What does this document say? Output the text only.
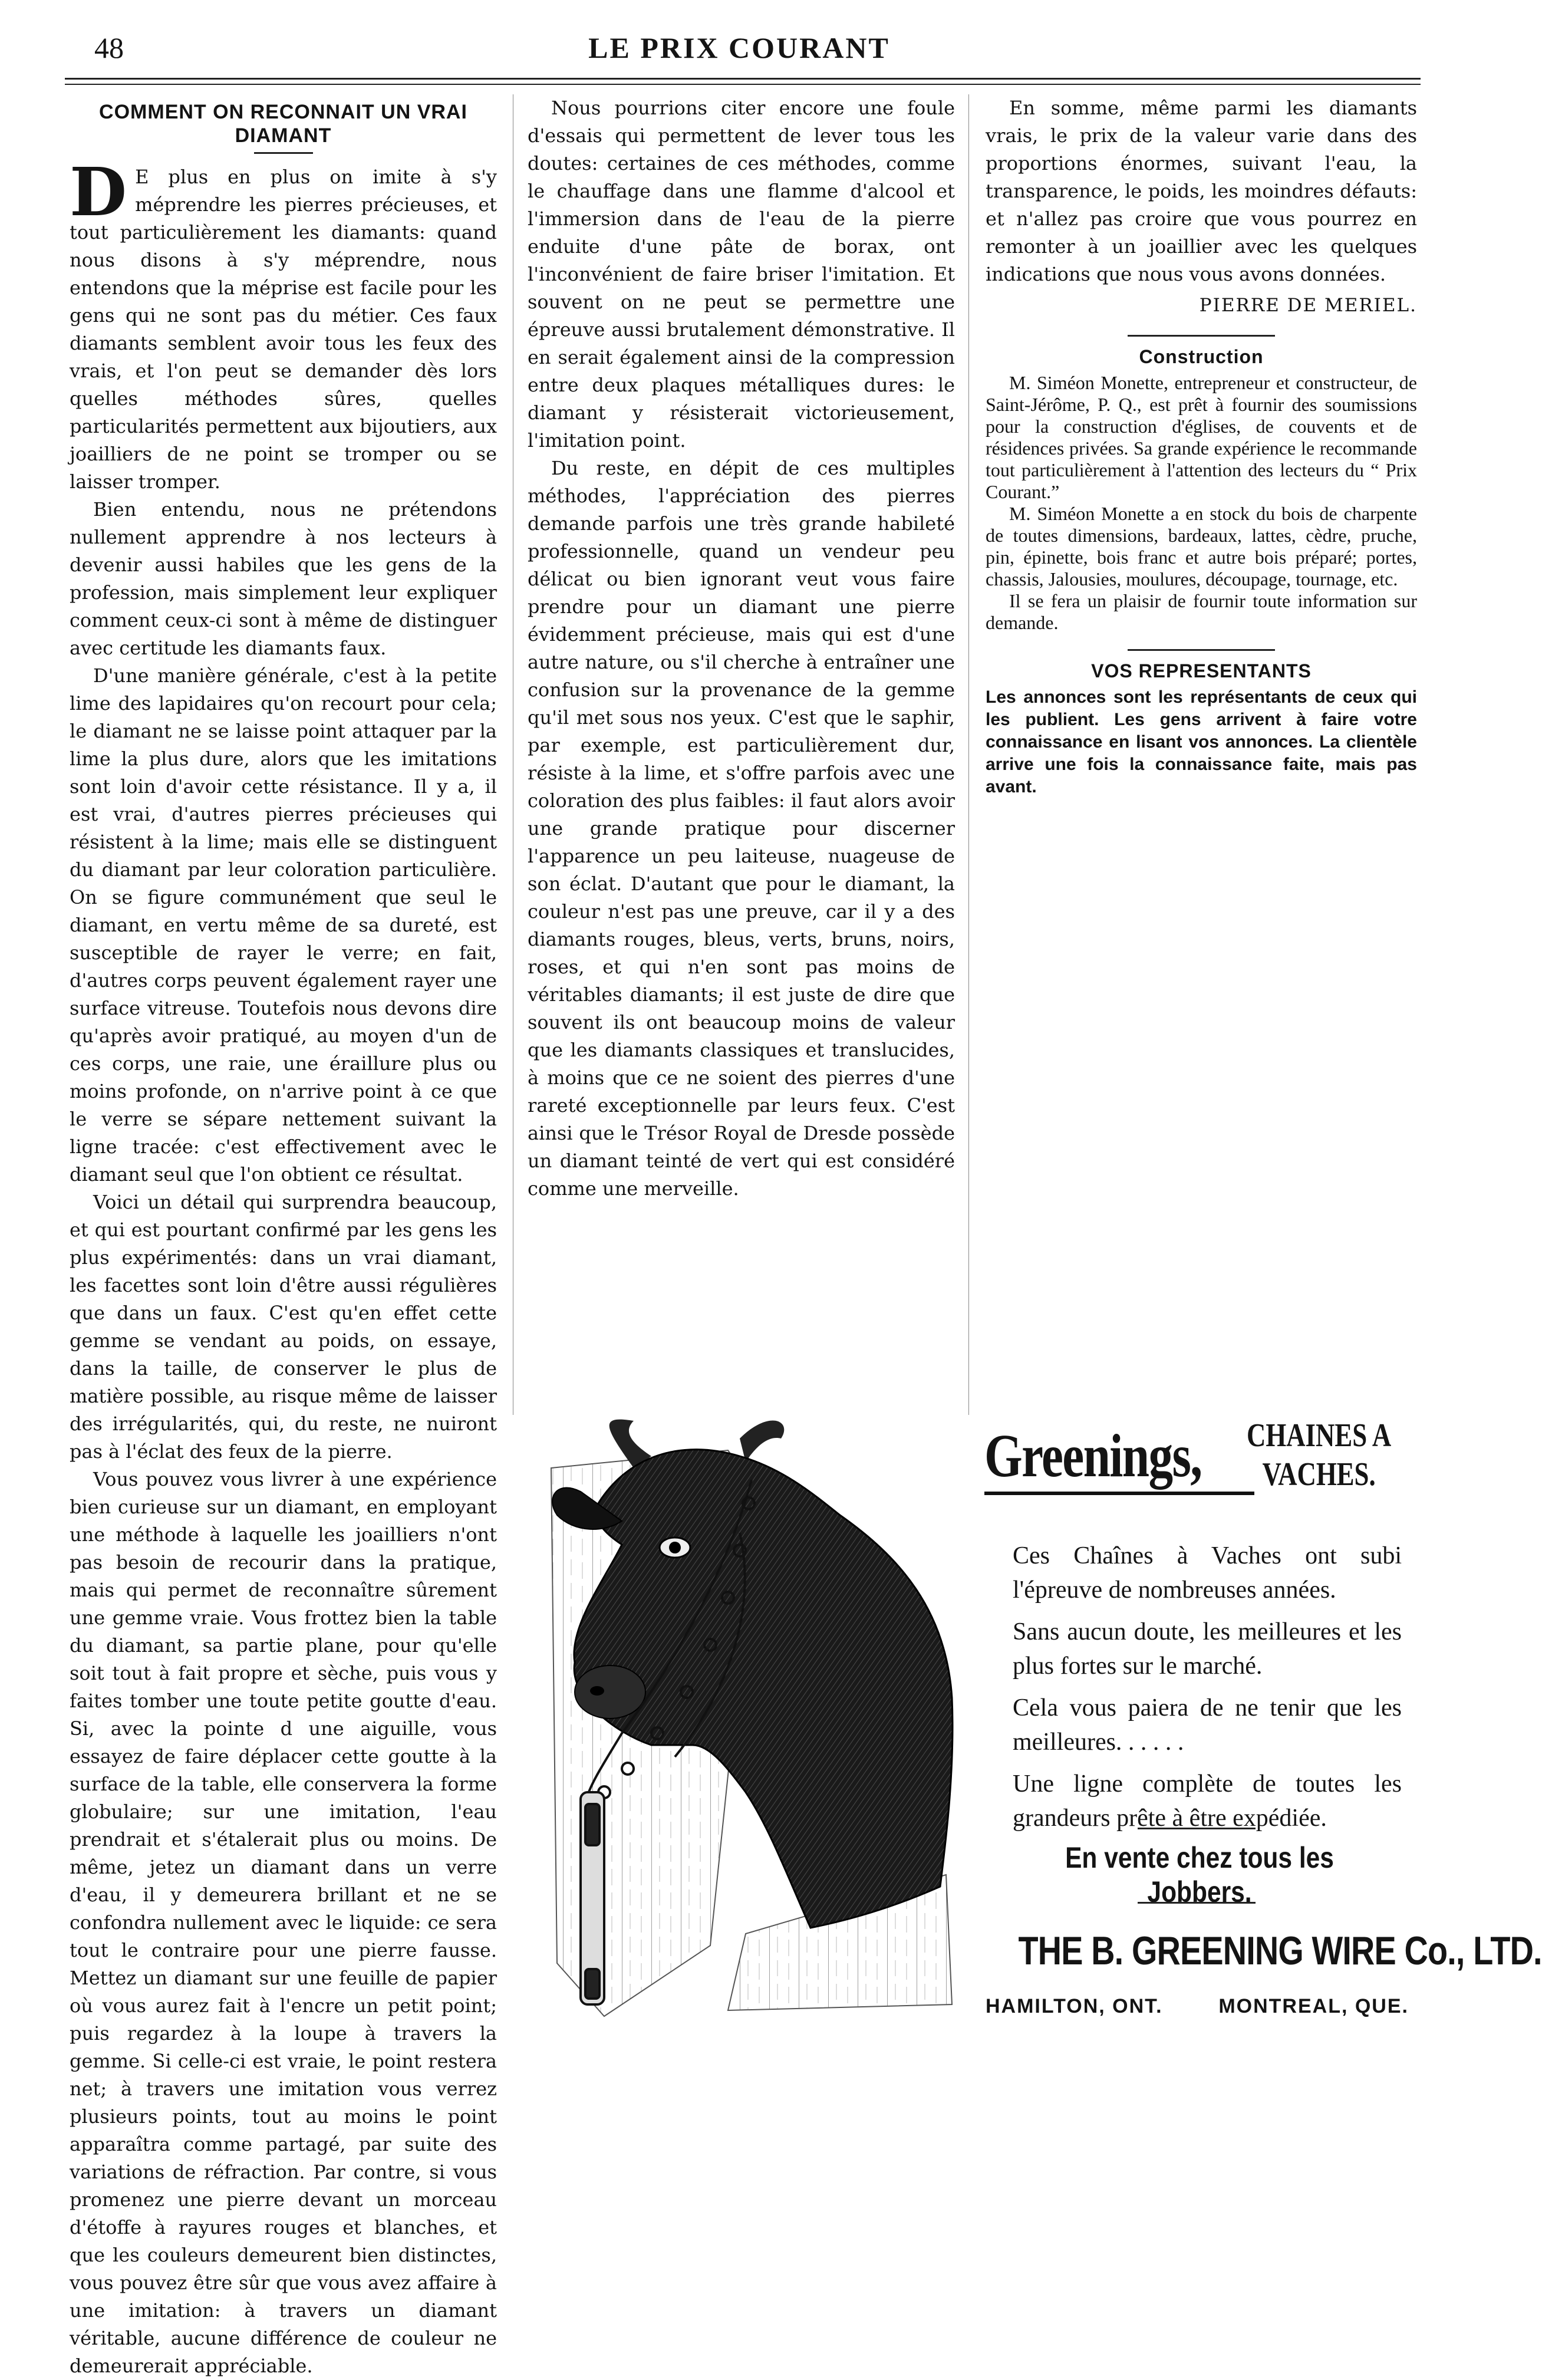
48	LE PRIX COURANT
COMMENT ON RECONNAIT UN VRAI DIAMANT

D E plus en plus on imite à s'y méprendre les pierres précieuses, et tout particulièrement les diamants: quand nous disons à s'y méprendre, nous entendons que la méprise est facile pour les gens qui ne sont pas du métier. Ces faux diamants semblent avoir tous les feux des vrais, et l'on peut se demander dès lors quelles méthodes sûres, quelles particularités permettent aux bijoutiers, aux joailliers de ne point se tromper ou se laisser tromper.

Bien entendu, nous ne prétendons nullement apprendre à nos lecteurs à devenir aussi habiles que les gens de la profession, mais simplement leur expliquer comment ceux-ci sont à même de distinguer avec certitude les diamants faux.

D'une manière générale, c'est à la petite lime des lapidaires qu'on recourt pour cela; le diamant ne se laisse point attaquer par la lime la plus dure, alors que les imitations sont loin d'avoir cette résistance. Il y a, il est vrai, d'autres pierres précieuses qui résistent à la lime; mais elle se distinguent du diamant par leur coloration particulière. On se figure communément que seul le diamant, en vertu même de sa dureté, est susceptible de rayer le verre; en fait, d'autres corps peuvent également rayer une surface vitreuse. Toutefois nous devons dire qu'après avoir pratiqué, au moyen d'un de ces corps, une raie, une éraillure plus ou moins profonde, on n'arrive point à ce que le verre se sépare nettement suivant la ligne tracée: c'est effectivement avec le diamant seul que l'on obtient ce résultat.

Voici un détail qui surprendra beaucoup, et qui est pourtant confirmé par les gens les plus expérimentés: dans un vrai diamant, les facettes sont loin d'être aussi régulières que dans un faux. C'est qu'en effet cette gemme se vendant au poids, on essaye, dans la taille, de conserver le plus de matière possible, au risque même de laisser des irrégularités, qui, du reste, ne nuiront pas à l'éclat des feux de la pierre.

Vous pouvez vous livrer à une expérience bien curieuse sur un diamant, en employant une méthode à laquelle les joailliers n'ont pas besoin de recourir dans la pratique, mais qui permet de reconnaître sûrement une gemme vraie. Vous frottez bien la table du diamant, sa partie plane, pour qu'elle soit tout à fait propre et sèche, puis vous y faites tomber une toute petite goutte d'eau. Si, avec la pointe d une aiguille, vous essayez de faire déplacer cette goutte à la surface de la table, elle conservera la forme globulaire; sur une imitation, l'eau prendrait et s'étalerait plus ou moins. De même, jetez un diamant dans un verre d'eau, il y demeurera brillant et ne se confondra nullement avec le liquide: ce sera tout le contraire pour une pierre fausse. Mettez un diamant sur une feuille de papier où vous aurez fait à l'encre un petit point; puis regardez à la loupe à travers la gemme. Si celle-ci est vraie, le point restera net; à travers une imitation vous verrez plusieurs points, tout au moins le point apparaîtra comme partagé, par suite des variations de réfraction. Par contre, si vous promenez une pierre devant un morceau d'étoffe à rayures rouges et blanches, et que les couleurs demeurent bien distinctes, vous pouvez être sûr que vous avez affaire à une imitation: à travers un diamant véritable, aucune différence de couleur ne demeurerait appréciable.

Nous pourrions citer encore une foule d'essais qui permettent de lever tous les doutes: certaines de ces méthodes, comme le chauffage dans une flamme d'alcool et l'immersion dans de l'eau de la pierre enduite d'une pâte de borax, ont l'inconvénient de faire briser l'imitation. Et souvent on ne peut se permettre une épreuve aussi brutalement démonstrative. Il en serait également ainsi de la compression entre deux plaques métalliques dures: le diamant y résisterait victorieusement, l'imitation point.

Du reste, en dépit de ces multiples méthodes, l'appréciation des pierres demande parfois une très grande habileté professionnelle, quand un vendeur peu délicat ou bien ignorant veut vous faire prendre pour un diamant une pierre évidemment précieuse, mais qui est d'une autre nature, ou s'il cherche à entraîner une confusion sur la provenance de la gemme qu'il met sous nos yeux. C'est que le saphir, par exemple, est particulièrement dur, résiste à la lime, et s'offre parfois avec une coloration des plus faibles: il faut alors avoir une grande pratique pour discerner l'apparence un peu laiteuse, nuageuse de son éclat. D'autant que pour le diamant, la couleur n'est pas une preuve, car il y a des diamants rouges, bleus, verts, bruns, noirs, roses, et qui n'en sont pas moins de véritables diamants; il est juste de dire que souvent ils ont beaucoup moins de valeur que les diamants classiques et translucides, à moins que ce ne soient des pierres d'une rareté exceptionnelle par leurs feux. C'est ainsi que le Trésor Royal de Dresde possède un diamant teinté de vert qui est considéré comme une merveille.

En somme, même parmi les diamants vrais, le prix de la valeur varie dans des proportions énormes, suivant l'eau, la transparence, le poids, les moindres défauts: et n'allez pas croire que vous pourrez en remonter à un joaillier avec les quelques indications que nous vous avons données.

PIERRE DE MERIEL.
Construction

M. Siméon Monette, entrepreneur et constructeur, de Saint-Jérôme, P. Q., est prêt à fournir des soumissions pour la construction d'églises, de couvents et de résidences privées. Sa grande expérience le recommande tout particulièrement à l'attention des lecteurs du “ Prix Courant.”

M. Siméon Monette a en stock du bois de charpente de toutes dimensions, bardeaux, lattes, cèdre, pruche, pin, épinette, bois franc et autre bois préparé; portes, chassis, Jalousies, moulures, découpage, tournage, etc.

Il se fera un plaisir de fournir toute information sur demande.

VOS REPRESENTANTS
Les annonces sont les représentants de ceux qui les publient. Les gens arrivent à faire votre connaissance en lisant vos annonces. La clientèle arrive une fois la connaissance faite, mais pas avant.
Greenings, CHAINES A
VACHES.

Ces Chaînes à Vaches ont subi l'épreuve de nombreuses années.

Sans aucun doute, les meilleures et les plus fortes sur le marché.

Cela vous paiera de ne tenir que les meilleures. . . . . .

Une ligne complète de toutes les grandeurs prête à être expédiée.

En vente chez tous les Jobbers.
THE B. GREENING WIRE Co., LTD.
HAMILTON, ONT.	MONTREAL, QUE.
